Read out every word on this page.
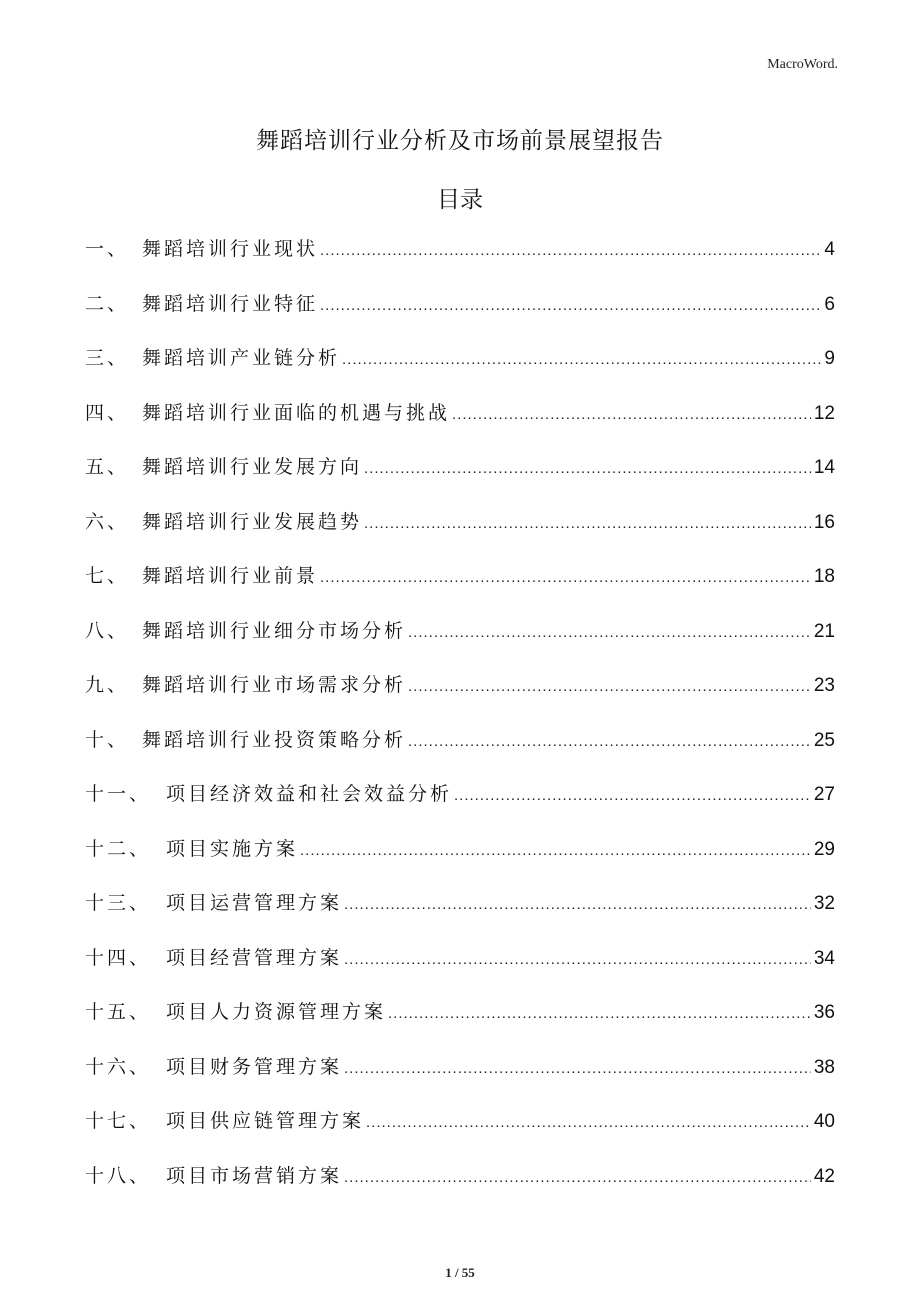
MacroWord.
舞蹈培训行业分析及市场前景展望报告
目录
一、 舞蹈培训行业现状 .....	4
二、 舞蹈培训行业特征 .....	6
三、 舞蹈培训产业链分析 .....	9
四、 舞蹈培训行业面临的机遇与挑战 .....	12
五、 舞蹈培训行业发展方向 .....	14
六、 舞蹈培训行业发展趋势 .....	16
七、 舞蹈培训行业前景 .....	18
八、 舞蹈培训行业细分市场分析 .....	21
九、 舞蹈培训行业市场需求分析 .....	23
十、 舞蹈培训行业投资策略分析 .....	25
十一、 项目经济效益和社会效益分析 .....	27
十二、 项目实施方案 .....	29
十三、 项目运营管理方案 .....	32
十四、 项目经营管理方案 .....	34
十五、 项目人力资源管理方案 .....	36
十六、 项目财务管理方案 .....	38
十七、 项目供应链管理方案 .....	40
十八、 项目市场营销方案 .....	42
1 / 55
